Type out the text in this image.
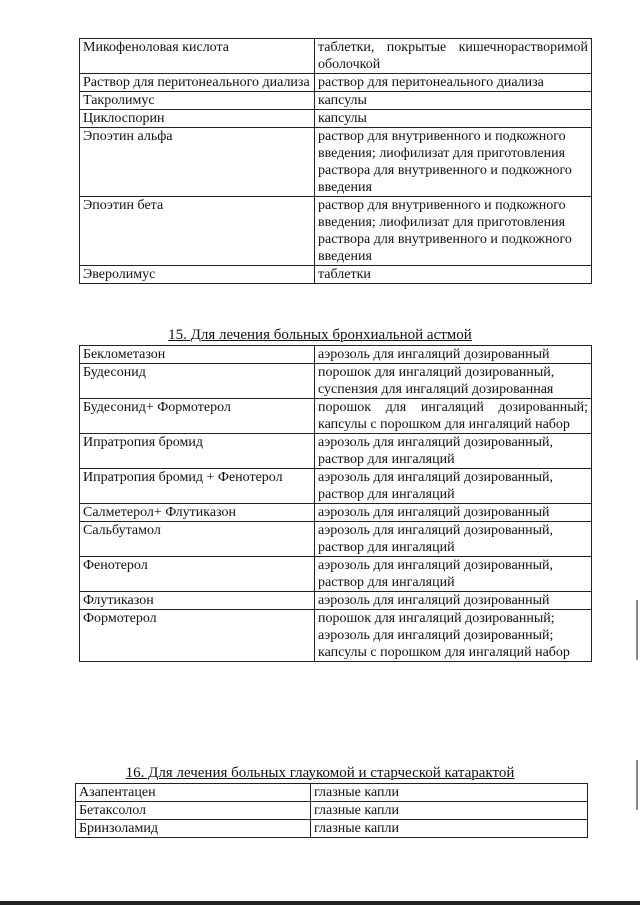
Микофеноловая кислота	таблетки, покрытые кишечнорастворимой оболочкой

Раствор для перитонеального диализа	раствор для перитонеального диализа

Такролимус	капсулы

Циклоспорин	капсулы

Эпоэтин альфа	раствор для внутривенного и подкожного введения; лиофилизат для приготовления раствора для внутривенного и подкожного введения

Эпоэтин бета	раствор для внутривенного и подкожного введения; лиофилизат для приготовления раствора для внутривенного и подкожного введения

Эверолимус	таблетки
15. Для лечения больных бронхиальной астмой
Беклометазон	аэрозоль для ингаляций дозированный

Будесонид	порошок для ингаляций дозированный, суспензия для ингаляций дозированная

Будесонид+ Формотерол	порошок для ингаляций дозированный; капсулы с порошком для ингаляций набор

Ипратропия бромид	аэрозоль для ингаляций дозированный, раствор для ингаляций

Ипратропия бромид + Фенотерол	аэрозоль для ингаляций дозированный, раствор для ингаляций

Салметерол+ Флутиказон	аэрозоль для ингаляций дозированный

Сальбутамол	аэрозоль для ингаляций дозированный, раствор для ингаляций

Фенотерол	аэрозоль для ингаляций дозированный, раствор для ингаляций

Флутиказон	аэрозоль для ингаляций дозированный

Формотерол	порошок для ингаляций дозированный;
аэрозоль для ингаляций дозированный;
капсулы с порошком для ингаляций набор
16. Для лечения больных глаукомой и старческой катарактой
Азапентацен	глазные капли

Бетаксолол	глазные капли

Бринзоламид	глазные капли
